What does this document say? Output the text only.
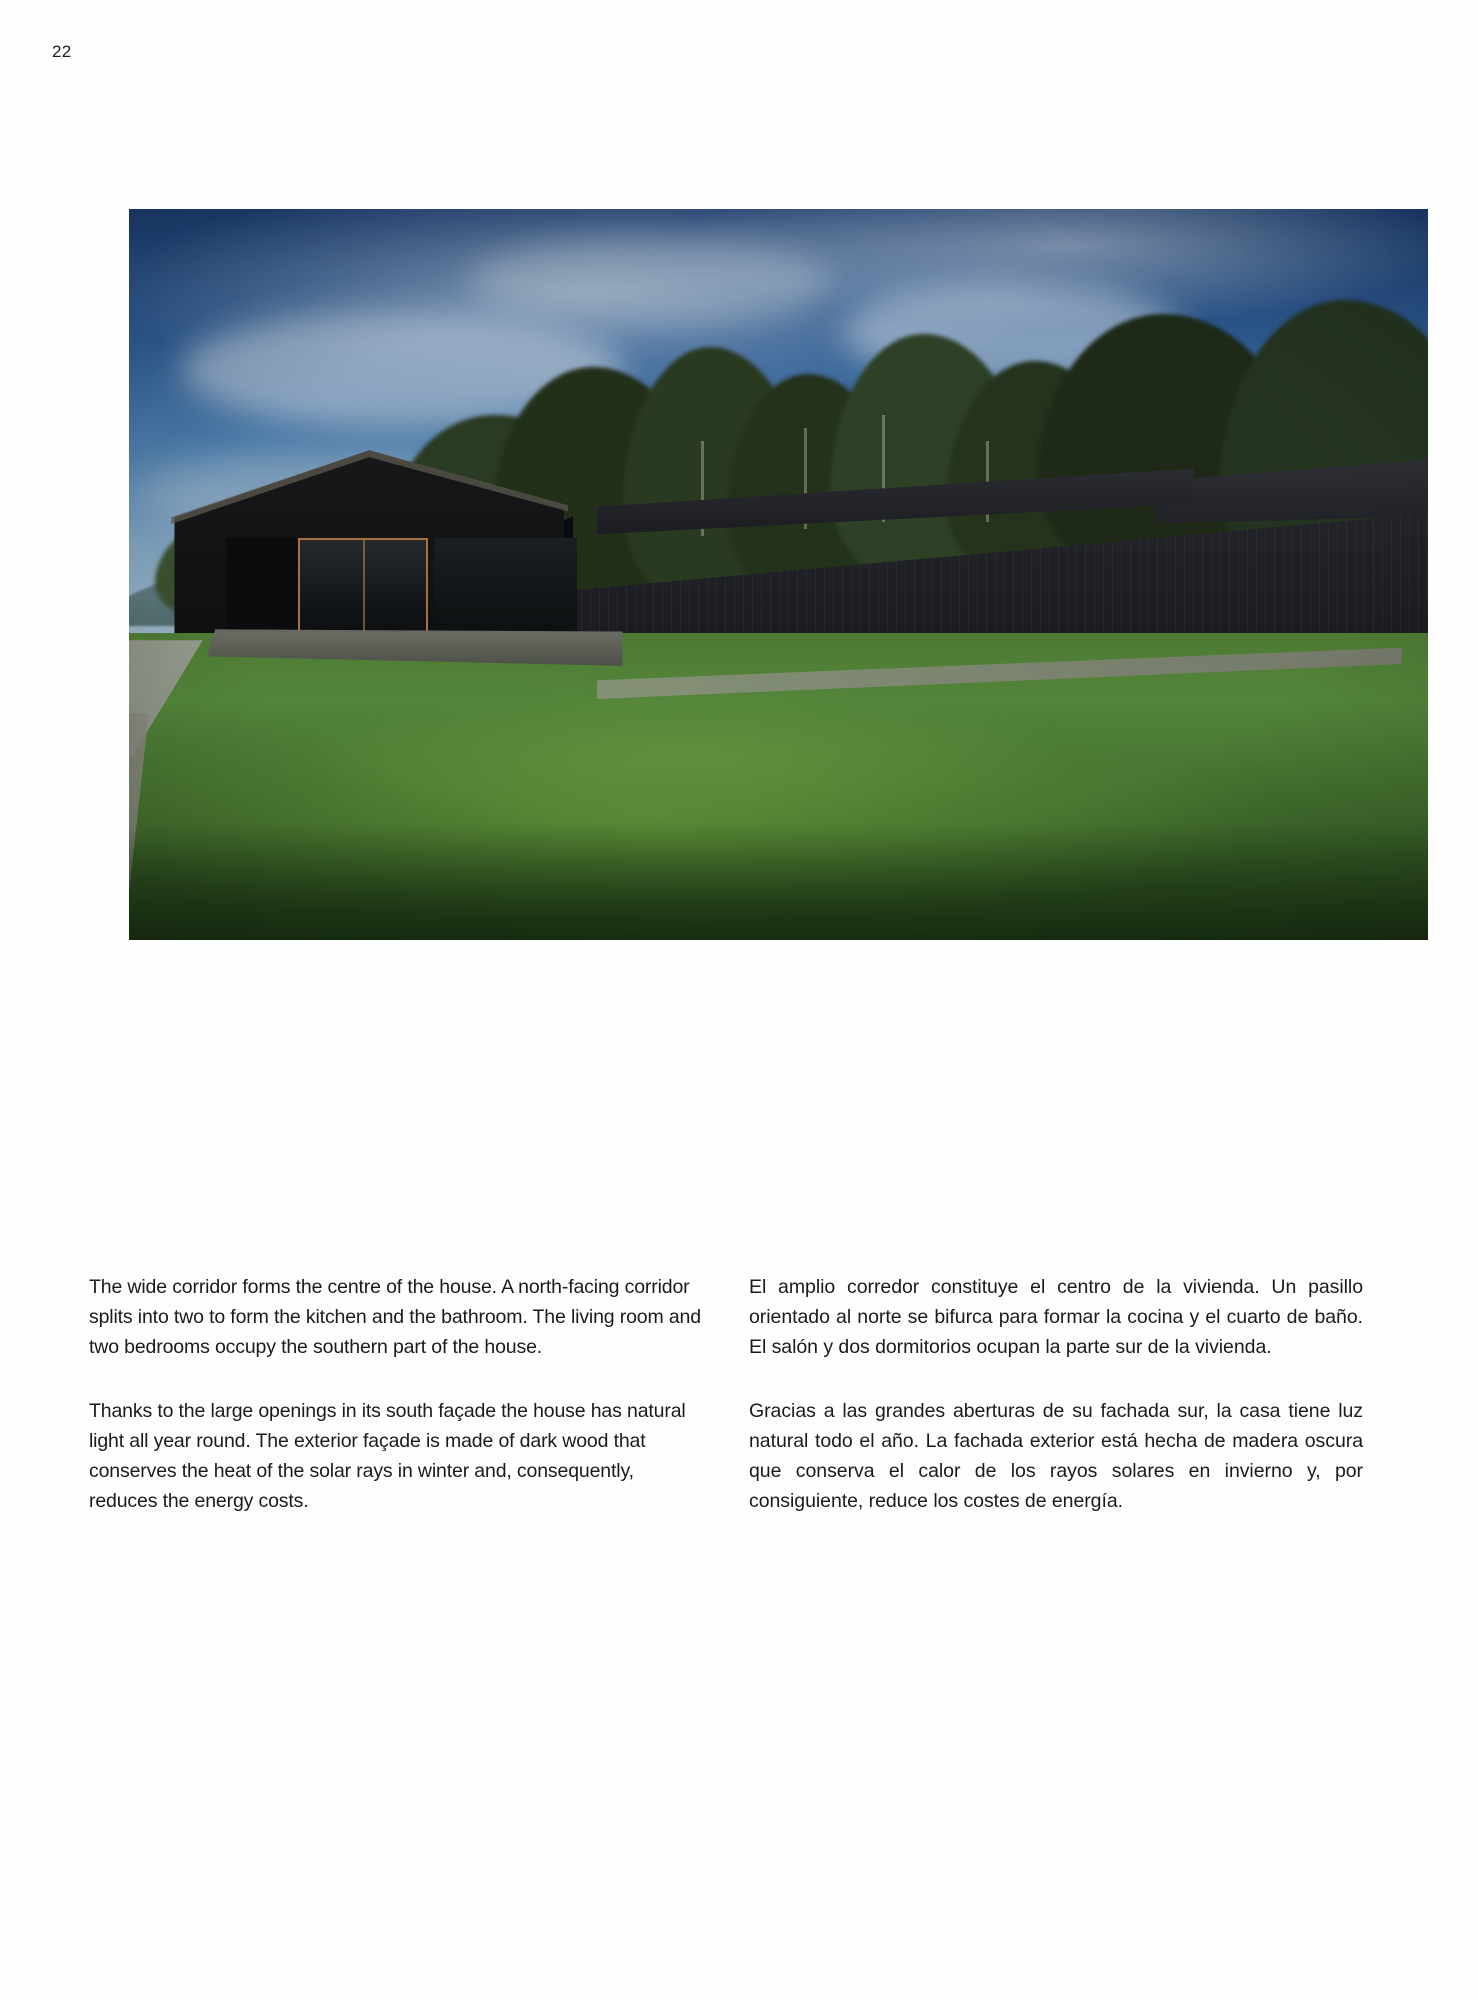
22

The wide corridor forms the centre of the house. A north-facing corridor splits into two to form the kitchen and the bathroom. The living room and two bedrooms occupy the southern part of the house.

Thanks to the large openings in its south façade the house has natural light all year round. The exterior façade is made of dark wood that conserves the heat of the solar rays in winter and, consequently, reduces the energy costs.

El amplio corredor constituye el centro de la vivienda. Un pasillo orientado al norte se bifurca para formar la cocina y el cuarto de baño. El salón y dos dormitorios ocupan la parte sur de la vivienda.

Gracias a las grandes aberturas de su fachada sur, la casa tiene luz natural todo el año. La fachada exterior está hecha de madera oscura que conserva el calor de los rayos solares en invierno y, por consiguiente, reduce los costes de energía.
